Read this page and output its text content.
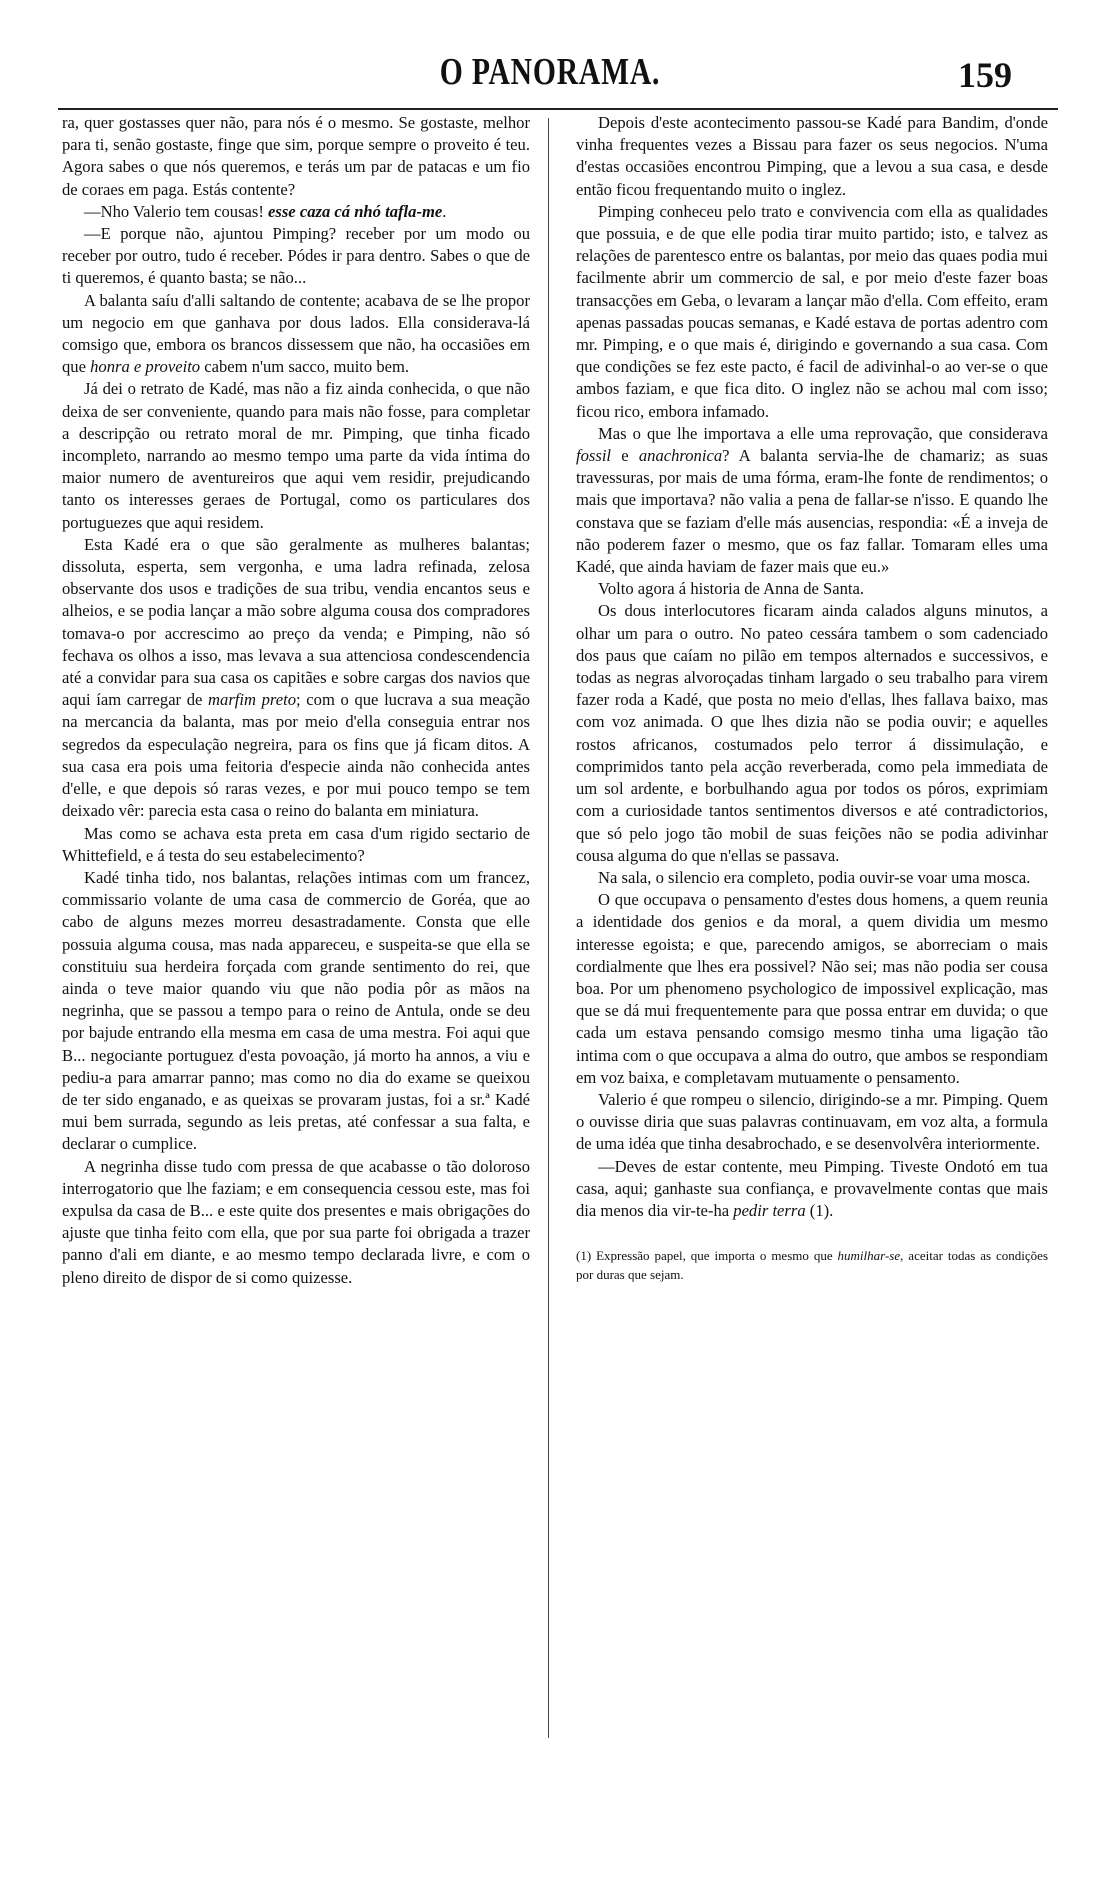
O PANORAMA.	159

ra, quer gostasses quer não, para nós é o mesmo. Se gostaste, melhor para ti, senão gostaste, finge que sim, porque sempre o proveito é teu. Agora sabes o que nós queremos, e terás um par de patacas e um fio de coraes em paga. Estás contente?

—Nho Valerio tem cousas! esse caza cá nhó tafla-me.

—E porque não, ajuntou Pimping? receber por um modo ou receber por outro, tudo é receber. Pódes ir para dentro. Sabes o que de ti queremos, é quanto basta; se não...

A balanta saíu d'alli saltando de contente; acabava de se lhe propor um negocio em que ganhava por dous lados. Ella considerava-lá comsigo que, embora os brancos dissessem que não, ha occasiões em que honra e proveito cabem n'um sacco, muito bem.

Já dei o retrato de Kadé, mas não a fiz ainda conhecida, o que não deixa de ser conveniente, quando para mais não fosse, para completar a descripção ou retrato moral de mr. Pimping, que tinha ficado incompleto, narrando ao mesmo tempo uma parte da vida íntima do maior numero de aventureiros que aqui vem residir, prejudicando tanto os interesses geraes de Portugal, como os particulares dos portuguezes que aqui residem.

Esta Kadé era o que são geralmente as mulheres balantas; dissoluta, esperta, sem vergonha, e uma ladra refinada, zelosa observante dos usos e tradições de sua tribu, vendia encantos seus e alheios, e se podia lançar a mão sobre alguma cousa dos compradores tomava-o por accrescimo ao preço da venda; e Pimping, não só fechava os olhos a isso, mas levava a sua attenciosa condescendencia até a convidar para sua casa os capitães e sobre cargas dos navios que aqui íam carregar de marfim preto; com o que lucrava a sua meação na mercancia da balanta, mas por meio d'ella conseguia entrar nos segredos da especulação negreira, para os fins que já ficam ditos. A sua casa era pois uma feitoria d'especie ainda não conhecida antes d'elle, e que depois só raras vezes, e por mui pouco tempo se tem deixado vêr: parecia esta casa o reino do balanta em miniatura.

Mas como se achava esta preta em casa d'um rigido sectario de Whittefield, e á testa do seu estabelecimento?

Kadé tinha tido, nos balantas, relações intimas com um francez, commissario volante de uma casa de commercio de Goréa, que ao cabo de alguns mezes morreu desastradamente. Consta que elle possuia alguma cousa, mas nada appareceu, e suspeita-se que ella se constituiu sua herdeira forçada com grande sentimento do rei, que ainda o teve maior quando viu que não podia pôr as mãos na negrinha, que se passou a tempo para o reino de Antula, onde se deu por bajude entrando ella mesma em casa de uma mestra. Foi aqui que B... negociante portuguez d'esta povoação, já morto ha annos, a viu e pediu-a para amarrar panno; mas como no dia do exame se queixou de ter sido enganado, e as queixas se provaram justas, foi a sr.ª Kadé mui bem surrada, segundo as leis pretas, até confessar a sua falta, e declarar o cumplice.

A negrinha disse tudo com pressa de que acabasse o tão doloroso interrogatorio que lhe faziam; e em consequencia cessou este, mas foi expulsa da casa de B... e este quite dos presentes e mais obrigações do ajuste que tinha feito com ella, que por sua parte foi obrigada a trazer panno d'ali em diante, e ao mesmo tempo declarada livre, e com o pleno direito de dispor de si como quizesse.

Depois d'este acontecimento passou-se Kadé para Bandim, d'onde vinha frequentes vezes a Bissau para fazer os seus negocios. N'uma d'estas occasiões encontrou Pimping, que a levou a sua casa, e desde então ficou frequentando muito o inglez.

Pimping conheceu pelo trato e convivencia com ella as qualidades que possuia, e de que elle podia tirar muito partido; isto, e talvez as relações de parentesco entre os balantas, por meio das quaes podia mui facilmente abrir um commercio de sal, e por meio d'este fazer boas transacções em Geba, o levaram a lançar mão d'ella. Com effeito, eram apenas passadas poucas semanas, e Kadé estava de portas adentro com mr. Pimping, e o que mais é, dirigindo e governando a sua casa. Com que condições se fez este pacto, é facil de adivinhal-o ao ver-se o que ambos faziam, e que fica dito. O inglez não se achou mal com isso; ficou rico, embora infamado.

Mas o que lhe importava a elle uma reprovação, que considerava fossil e anachronica? A balanta servia-lhe de chamariz; as suas travessuras, por mais de uma fórma, eram-lhe fonte de rendimentos; o mais que importava? não valia a pena de fallar-se n'isso. E quando lhe constava que se faziam d'elle más ausencias, respondia: «É a inveja de não poderem fazer o mesmo, que os faz fallar. Tomaram elles uma Kadé, que ainda haviam de fazer mais que eu.»

Volto agora á historia de Anna de Santa.

Os dous interlocutores ficaram ainda calados alguns minutos, a olhar um para o outro. No pateo cessára tambem o som cadenciado dos paus que caíam no pilão em tempos alternados e successivos, e todas as negras alvoroçadas tinham largado o seu trabalho para virem fazer roda a Kadé, que posta no meio d'ellas, lhes fallava baixo, mas com voz animada. O que lhes dizia não se podia ouvir; e aquelles rostos africanos, costumados pelo terror á dissimulação, e comprimidos tanto pela acção reverberada, como pela immediata de um sol ardente, e borbulhando agua por todos os póros, exprimiam com a curiosidade tantos sentimentos diversos e até contradictorios, que só pelo jogo tão mobil de suas feições não se podia adivinhar cousa alguma do que n'ellas se passava.

Na sala, o silencio era completo, podia ouvir-se voar uma mosca.

O que occupava o pensamento d'estes dous homens, a quem reunia a identidade dos genios e da moral, a quem dividia um mesmo interesse egoista; e que, parecendo amigos, se aborreciam o mais cordialmente que lhes era possivel? Não sei; mas não podia ser cousa boa. Por um phenomeno psychologico de impossivel explicação, mas que se dá mui frequentemente para que possa entrar em duvida; o que cada um estava pensando comsigo mesmo tinha uma ligação tão intima com o que occupava a alma do outro, que ambos se respondiam em voz baixa, e completavam mutuamente o pensamento.

Valerio é que rompeu o silencio, dirigindo-se a mr. Pimping. Quem o ouvisse diria que suas palavras continuavam, em voz alta, a formula de uma idéa que tinha desabrochado, e se desenvolvêra interiormente.

—Deves de estar contente, meu Pimping. Tiveste Ondotó em tua casa, aqui; ganhaste sua confiança, e provavelmente contas que mais dia menos dia vir-te-ha pedir terra (1).

(1) Expressão papel, que importa o mesmo que humilhar-se, aceitar todas as condições por duras que sejam.
